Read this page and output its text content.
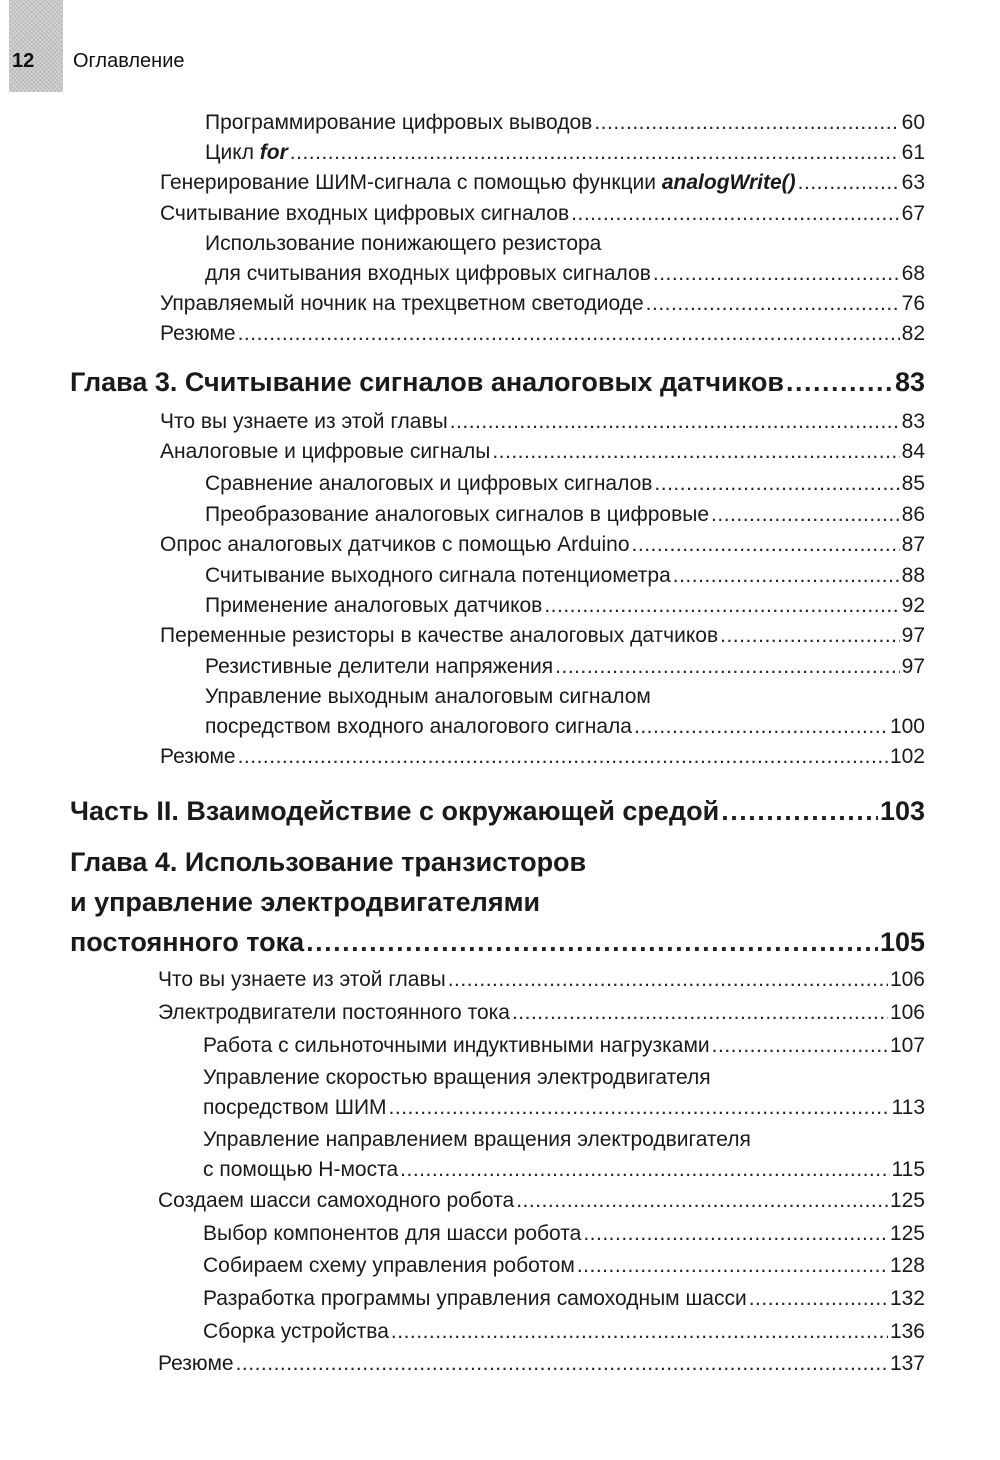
12 Оглавление
Программирование цифровых выводов .....	60
Цикл for .....	61
Генерирование ШИМ-сигнала с помощью функции analogWrite() .....	63
Считывание входных цифровых сигналов .....	67
Использование понижающего резистора
для считывания входных цифровых сигналов .....	68
Управляемый ночник на трехцветном светодиоде .....	76
Резюме .....	82
Глава 3. Считывание сигналов аналоговых датчиков .....	83
Что вы узнаете из этой главы .....	83
Аналоговые и цифровые сигналы .....	84
Сравнение аналоговых и цифровых сигналов .....	85
Преобразование аналоговых сигналов в цифровые .....	86
Опрос аналоговых датчиков с помощью Arduino .....	87
Считывание выходного сигнала потенциометра .....	88
Применение аналоговых датчиков .....	92
Переменные резисторы в качестве аналоговых датчиков .....	97
Резистивные делители напряжения .....	97
Управление выходным аналоговым сигналом
посредством входного аналогового сигнала .....	100
Резюме .....	102
Часть II. Взаимодействие с окружающей средой .....	103
Глава 4. Использование транзисторов
и управление электродвигателями
постоянного тока .....	105
Что вы узнаете из этой главы .....	106
Электродвигатели постоянного тока .....	106
Работа с сильноточными индуктивными нагрузками .....	107
Управление скоростью вращения электродвигателя
посредством ШИМ .....	113
Управление направлением вращения электродвигателя
с помощью Н-моста .....	115
Создаем шасси самоходного робота .....	125
Выбор компонентов для шасси робота .....	125
Собираем схему управления роботом .....	128
Разработка программы управления самоходным шасси .....	132
Сборка устройства .....	136
Резюме .....	137
